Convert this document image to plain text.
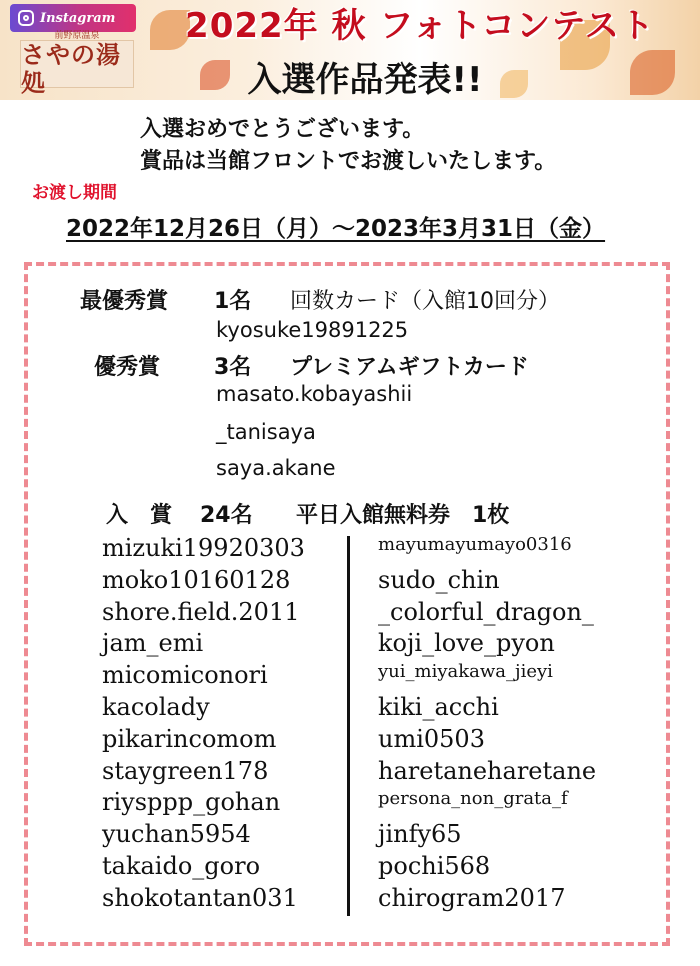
Instagram
前野原温泉
さやの湯処
2022年 秋 フォトコンテスト
入選作品発表!!
入選おめでとうございます。
賞品は当館フロントでお渡しいたします。
お渡し期間
2022年12月26日（月）～2023年3月31日（金）
最優秀賞 1名 回数カード（入館10回分）
kyosuke19891225
優秀賞 3名 プレミアムギフトカード
masato.kobayashii
_tanisaya
saya.akane
入　賞 24名 平日入館無料券　1枚
mizuki19920303
moko10160128
shore.field.2011
jam_emi
micomiconori
kacolady
pikarincomom
staygreen178
riysppp_gohan
yuchan5954
takaido_goro
shokotantan031
mayumayumayo0316
sudo_chin
_colorful_dragon_
koji_love_pyon
yui_miyakawa_jieyi
kiki_acchi
umi0503
haretaneharetane
persona_non_grata_f
jinfy65
pochi568
chirogram2017
